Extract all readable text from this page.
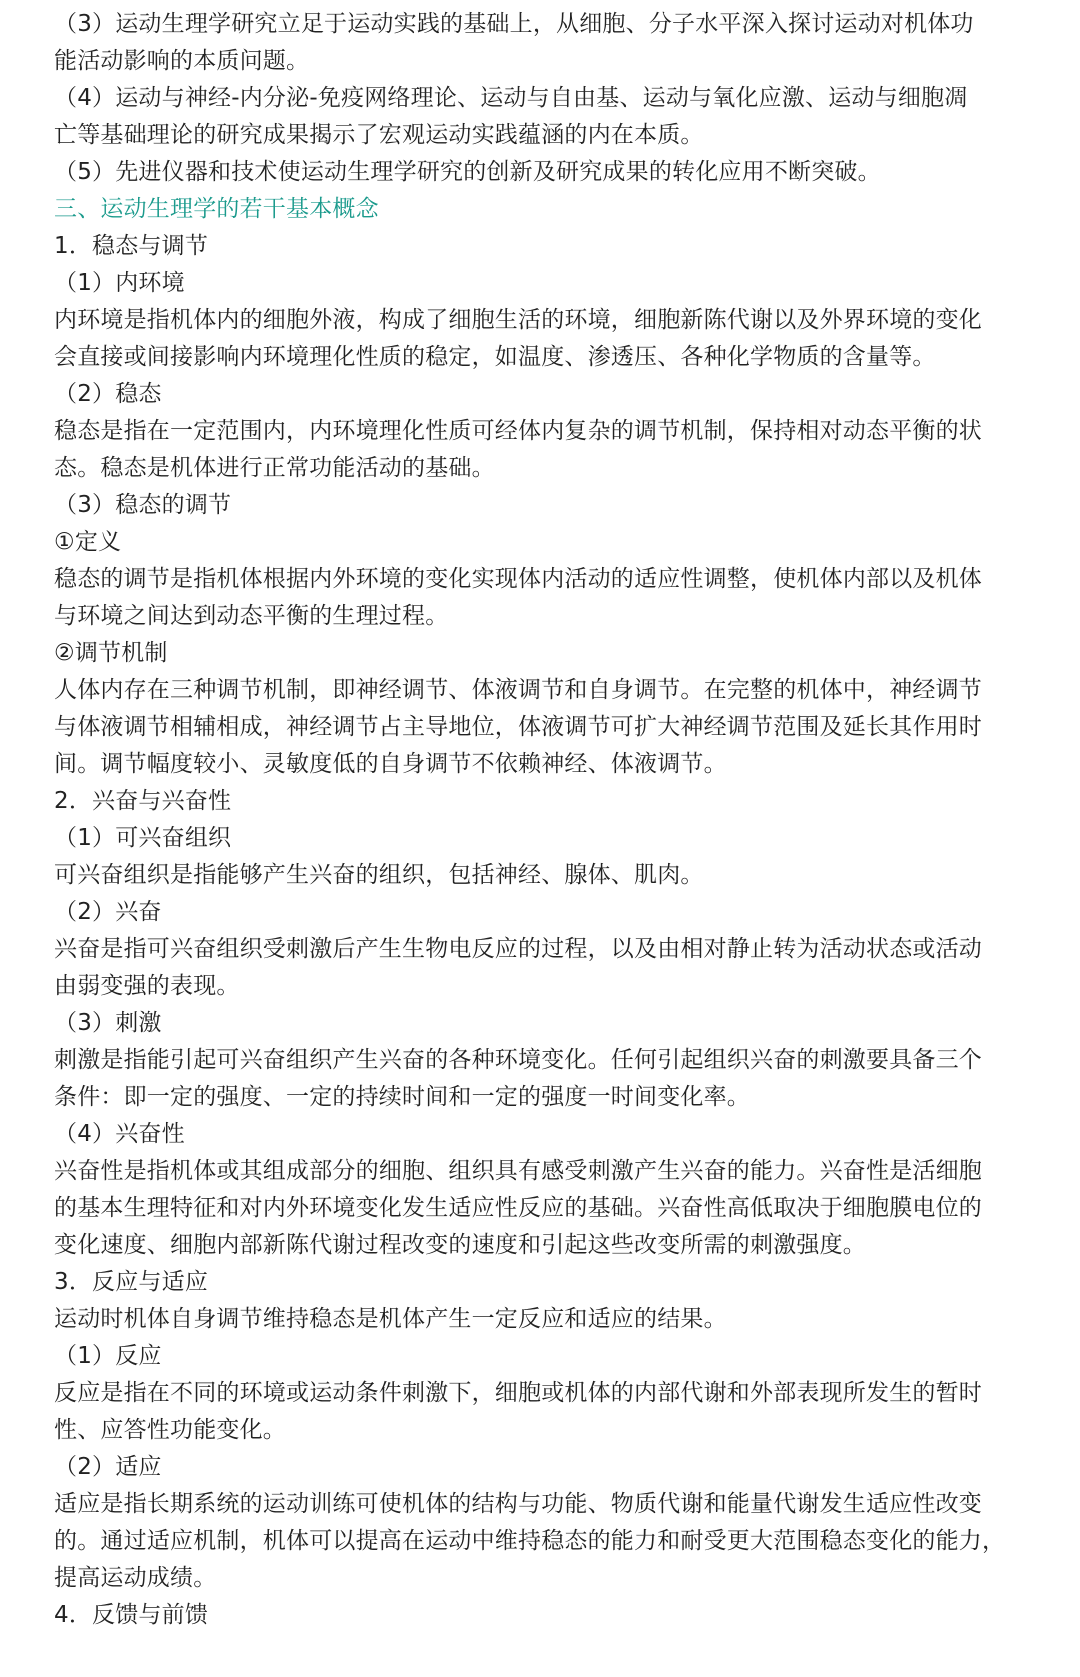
（3）运动生理学研究立足于运动实践的基础上，从细胞、分子水平深入探讨运动对机体功
能活动影响的本质问题。
（4）运动与神经-内分泌-免疫网络理论、运动与自由基、运动与氧化应激、运动与细胞凋
亡等基础理论的研究成果揭示了宏观运动实践蕴涵的内在本质。
（5）先进仪器和技术使运动生理学研究的创新及研究成果的转化应用不断突破。
三、运动生理学的若干基本概念
1．稳态与调节
（1）内环境
内环境是指机体内的细胞外液，构成了细胞生活的环境，细胞新陈代谢以及外界环境的变化
会直接或间接影响内环境理化性质的稳定，如温度、渗透压、各种化学物质的含量等。
（2）稳态
稳态是指在一定范围内，内环境理化性质可经体内复杂的调节机制，保持相对动态平衡的状
态。稳态是机体进行正常功能活动的基础。
（3）稳态的调节
①定义
稳态的调节是指机体根据内外环境的变化实现体内活动的适应性调整，使机体内部以及机体
与环境之间达到动态平衡的生理过程。
②调节机制
人体内存在三种调节机制，即神经调节、体液调节和自身调节。在完整的机体中，神经调节
与体液调节相辅相成，神经调节占主导地位，体液调节可扩大神经调节范围及延长其作用时
间。调节幅度较小、灵敏度低的自身调节不依赖神经、体液调节。
2．兴奋与兴奋性
（1）可兴奋组织
可兴奋组织是指能够产生兴奋的组织，包括神经、腺体、肌肉。
（2）兴奋
兴奋是指可兴奋组织受刺激后产生生物电反应的过程，以及由相对静止转为活动状态或活动
由弱变强的表现。
（3）刺激
刺激是指能引起可兴奋组织产生兴奋的各种环境变化。任何引起组织兴奋的刺激要具备三个
条件：即一定的强度、一定的持续时间和一定的强度一时间变化率。
（4）兴奋性
兴奋性是指机体或其组成部分的细胞、组织具有感受刺激产生兴奋的能力。兴奋性是活细胞
的基本生理特征和对内外环境变化发生适应性反应的基础。兴奋性高低取决于细胞膜电位的
变化速度、细胞内部新陈代谢过程改变的速度和引起这些改变所需的刺激强度。
3．反应与适应
运动时机体自身调节维持稳态是机体产生一定反应和适应的结果。
（1）反应
反应是指在不同的环境或运动条件刺激下，细胞或机体的内部代谢和外部表现所发生的暂时
性、应答性功能变化。
（2）适应
适应是指长期系统的运动训练可使机体的结构与功能、物质代谢和能量代谢发生适应性改变
的。通过适应机制，机体可以提高在运动中维持稳态的能力和耐受更大范围稳态变化的能力，
提高运动成绩。
4．反馈与前馈
